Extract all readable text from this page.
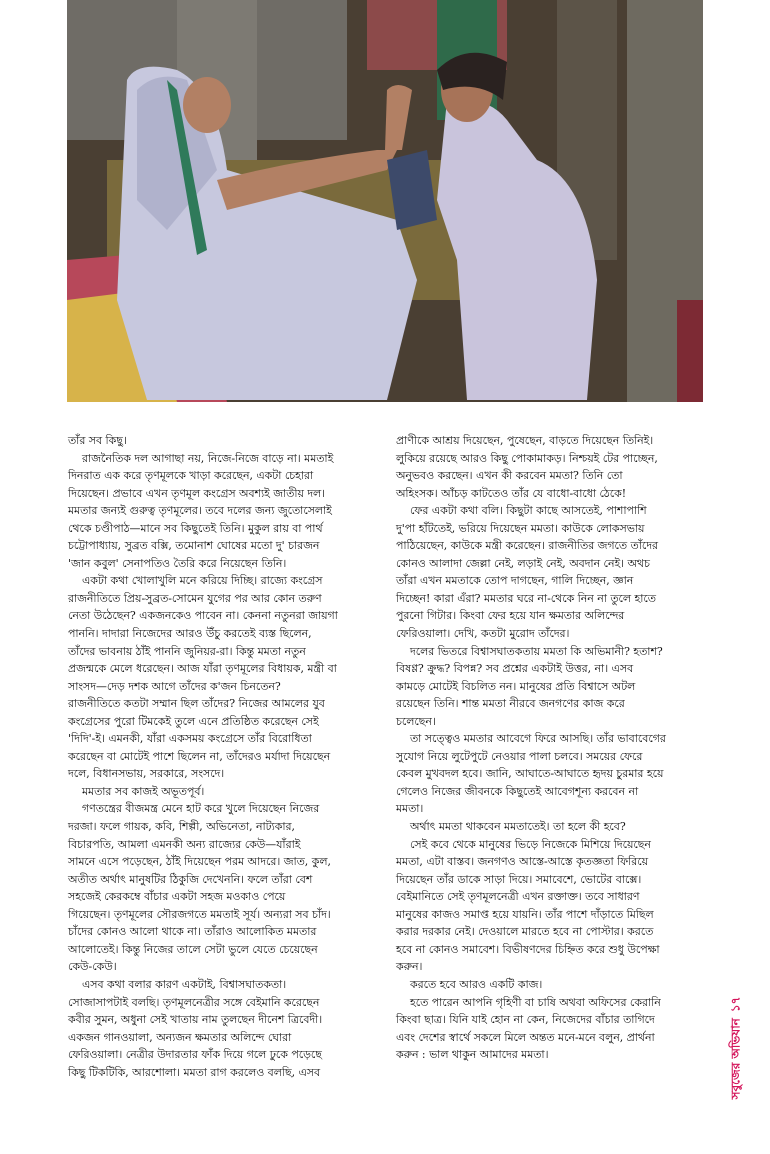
তাঁর সব কিছু।

রাজনৈতিক দল আগাছা নয়, নিজে-নিজে বাড়ে না। মমতাই

দিনরাত এক করে তৃণমূলকে খাড়া করেছেন, একটা চেহারা

দিয়েছেন। প্রভাবে এখন তৃণমূল কংগ্রেস অবশ্যই জাতীয় দল।

মমতার জন্যই গুরুত্ব তৃণমূলের। তবে দলের জন্য জুতোসেলাই

থেকে চণ্ডীপাঠ—মানে সব কিছুতেই তিনি। মুকুল রায় বা পার্থ

চট্টোপাধ্যায়, সুব্রত বক্সি, তমোনাশ ঘোষের মতো দু' চারজন

'জান কবুল' সেনাপতিও তৈরি করে নিয়েছেন তিনি।

একটা কথা খোলাখুলি মনে করিয়ে দিচ্ছি। রাজ্যে কংগ্রেস

রাজনীতিতে প্রিয়-সুব্রত-সোমেন যুগের পর আর কোন তরুণ

নেতা উঠেছেন? একজনকেও পাবেন না। কেননা নতুনরা জায়গা

পাননি। দাদারা নিজেদের আরও উঁচু করতেই ব্যস্ত ছিলেন,

তাঁদের ভাবনায় ঠাঁই পাননি জুনিয়র-রা। কিন্তু মমতা নতুন

প্রজন্মকে মেলে ধরেছেন। আজ যাঁরা তৃণমূলের বিধায়ক, মন্ত্রী বা

সাংসদ—দেড় দশক আগে তাঁদের ক'জন চিনতেন?

রাজনীতিতে কতটা সম্মান ছিল তাঁদের? নিজের আমলের যুব

কংগ্রেসের পুরো টিমকেই তুলে এনে প্রতিষ্ঠিত করেছেন সেই

'দিদি'-ই। এমনকী, যাঁরা একসময় কংগ্রেসে তাঁর বিরোধিতা

করেছেন বা মোটেই পাশে ছিলেন না, তাঁদেরও মর্যাদা দিয়েছেন

দলে, বিধানসভায়, সরকারে, সংসদে।

মমতার সব কাজই অভূতপূর্ব।

গণতন্ত্রের বীজমন্ত্র মেনে হাট করে খুলে দিয়েছেন নিজের

দরজা। ফলে গায়ক, কবি, শিল্পী, অভিনেতা, নাট্যকার,

বিচারপতি, আমলা এমনকী অন্য রাজ্যের কেউ—যাঁরাই

সামনে এসে পড়েছেন, ঠাঁই দিয়েছেন পরম আদরে। জাত, কুল,

অতীত অর্থাৎ মানুষটির ঠিকুজি দেখেননি। ফলে তাঁরা বেশ

সহজেই কেরকম্বে বাঁচার একটা সহজ মওকাও পেয়ে

গিয়েছেন। তৃণমূলের সৌরজগতে মমতাই সূর্য। অন্যরা সব চাঁদ।

চাঁদের কোনও আলো থাকে না। তাঁরাও আলোকিত মমতার

আলোতেই। কিন্তু নিজের তালে সেটা ভুলে যেতে চেয়েছেন

কেউ-কেউ।

এসব কথা বলার কারণ একটাই, বিশ্বাসঘাতকতা।

সোজাসাপটাই বলছি। তৃণমূলনেত্রীর সঙ্গে বেইমানি করেছেন

কবীর সুমন, অধুনা সেই খাতায় নাম তুলছেন দীনেশ ত্রিবেদী।

একজন গানওয়ালা, অন্যজন ক্ষমতার অলিন্দে ঘোরা

ফেরিওয়ালা। নেত্রীর উদারতার ফাঁক দিয়ে গলে ঢুকে পড়েছে

কিছু টিকটিকি, আরশোলা। মমতা রাগ করলেও বলছি, এসব

প্রাণীকে আশ্রয় দিয়েছেন, পুষেছেন, বাড়তে দিয়েছেন তিনিই।

লুকিয়ে রয়েছে আরও কিছু পোকামাকড়। নিশ্চয়ই টের পাচ্ছেন,

অনুভবও করছেন। এখন কী করবেন মমতা? তিনি তো

অহিংসক। আঁচড় কাটতেও তাঁর যে বাধো-বাধো ঠেকে!

ফের একটা কথা বলি। কিছুটা কাছে আসতেই, পাশাপাশি

দু'পা হাঁটতেই, ভরিয়ে দিয়েছেন মমতা। কাউকে লোকসভায়

পাঠিয়েছেন, কাউকে মন্ত্রী করেছেন। রাজনীতির জগতে তাঁদের

কোনও আলাদা জেল্লা নেই, লড়াই নেই, অবদান নেই। অথচ

তাঁরা এখন মমতাকে তোপ দাগছেন, গালি দিচ্ছেন, জ্ঞান

দিচ্ছেন! কারা এঁরা? মমতার ঘরে না-থেকে নিন না তুলে হাতে

পুরনো গিটার। কিংবা ফের হয়ে যান ক্ষমতার অলিন্দের

ফেরিওয়ালা। দেখি, কতটা মুরোদ তাঁদের।

দলের ভিতরে বিশ্বাসঘাতকতায় মমতা কি অভিমানী? হতাশ?

বিষণ্ণ? ক্রুদ্ধ? বিপন্ন? সব প্রশ্নের একটাই উত্তর, না। এসব

কামড়ে মোটেই বিচলিত নন। মানুষের প্রতি বিশ্বাসে অটল

রয়েছেন তিনি। শান্ত মমতা নীরবে জনগণের কাজ করে

চলেছেন।

তা সত্ত্বেও মমতার আবেগে ফিরে আসছি। তাঁর ভাবাবেগের

সুযোগ নিয়ে লুটেপুটে নেওয়ার পালা চলবে। সময়ের ফেরে

কেবল মুখবদল হবে। জানি, আঘাতে-আঘাতে হৃদয় চুরমার হয়ে

গেলেও নিজের জীবনকে কিছুতেই আবেগশূন্য করবেন না

মমতা।

অর্থাৎ মমতা থাকবেন মমতাতেই। তা হলে কী হবে?

সেই কবে থেকে মানুষের ভিড়ে নিজেকে মিশিয়ে দিয়েছেন

মমতা, এটা বাস্তব। জনগণও আস্তে-আস্তে কৃতজ্ঞতা ফিরিয়ে

দিয়েছেন তাঁর ডাকে সাড়া দিয়ে। সমাবেশে, ভোটের বাক্সে।

বেইমানিতে সেই তৃণমূলনেত্রী এখন রক্তাক্ত। তবে সাধারণ

মানুষের কাজও সমাপ্ত হয়ে যায়নি। তাঁর পাশে দাঁড়াতে মিছিল

করার দরকার নেই। দেওয়ালে মারতে হবে না পোস্টার। করতে

হবে না কোনও সমাবেশ। বিভীষণদের চিহ্নিত করে শুধু উপেক্ষা

করুন।

করতে হবে আরও একটি কাজ।

হতে পারেন আপনি গৃহিণী বা চাষি অথবা অফিসের কেরানি

কিংবা ছাত্র। যিনি যাই হোন না কেন, নিজেদের বাঁচার তাগিদে

এবং দেশের স্বার্থে সকলে মিলে অন্তত মনে-মনে বলুন, প্রার্থনা

করুন : ভাল থাকুন আমাদের মমতা।	সবুজের অভিযান১৭
